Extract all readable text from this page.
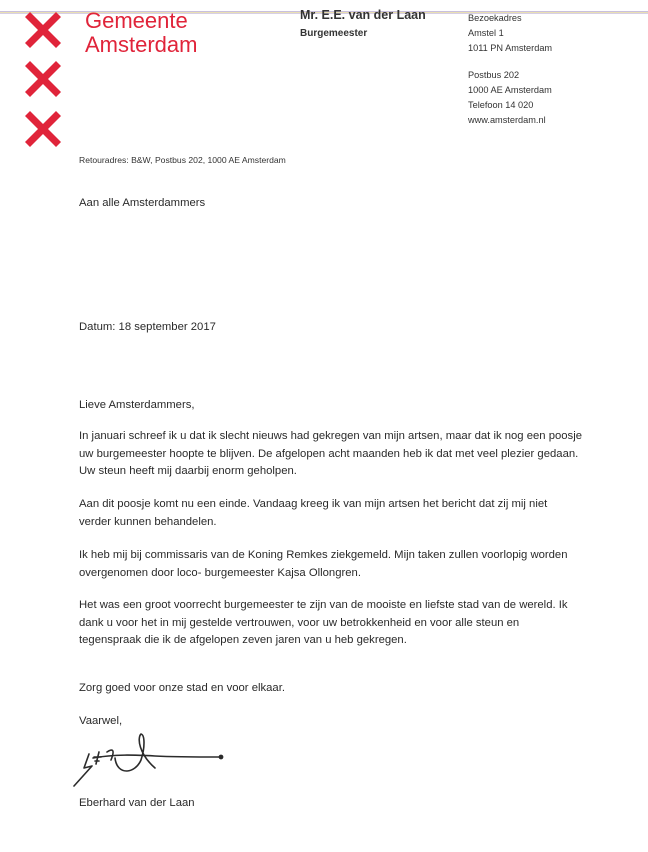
Gemeente
Amsterdam
Mr. E.E. van der Laan
Burgemeester
Bezoekadres
Amstel 1
1011 PN Amsterdam
Postbus 202
1000 AE Amsterdam
Telefoon 14 020
www.amsterdam.nl
Retouradres: B&W, Postbus 202, 1000 AE Amsterdam
Aan alle Amsterdammers
Datum: 18 september 2017
Lieve Amsterdammers,
In januari schreef ik u dat ik slecht nieuws had gekregen van mijn artsen, maar dat ik nog een poosje
uw burgemeester hoopte te blijven. De afgelopen acht maanden heb ik dat met veel plezier gedaan.
Uw steun heeft mij daarbij enorm geholpen.
Aan dit poosje komt nu een einde. Vandaag kreeg ik van mijn artsen het bericht dat zij mij niet
verder kunnen behandelen.
Ik heb mij bij commissaris van de Koning Remkes ziekgemeld. Mijn taken zullen voorlopig worden
overgenomen door loco- burgemeester Kajsa Ollongren.
Het was een groot voorrecht burgemeester te zijn van de mooiste en liefste stad van de wereld. Ik
dank u voor het in mij gestelde vertrouwen, voor uw betrokkenheid en voor alle steun en
tegenspraak die ik de afgelopen zeven jaren van u heb gekregen.
Zorg goed voor onze stad en voor elkaar.
Vaarwel,
Eberhard van der Laan
